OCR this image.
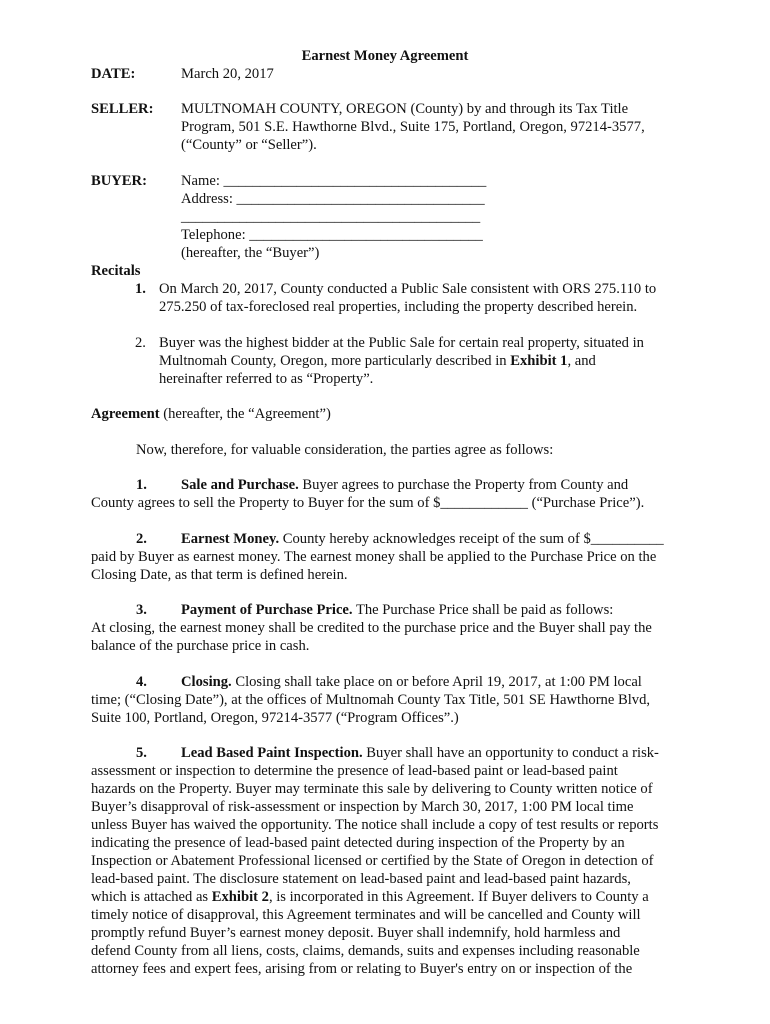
Earnest Money Agreement
DATE:	March 20, 2017
SELLER: MULTNOMAH COUNTY, OREGON (County) by and through its Tax Title
Program, 501 S.E. Hawthorne Blvd., Suite 175, Portland, Oregon, 97214-3577,
(“County” or “Seller”).
BUYER: Name: ____________________________________
Address: __________________________________
_________________________________________
Telephone: ________________________________
(hereafter, the “Buyer”)
Recitals
1. On March 20, 2017, County conducted a Public Sale consistent with ORS 275.110 to
275.250 of tax-foreclosed real properties, including the property described herein.
2. Buyer was the highest bidder at the Public Sale for certain real property, situated in
Multnomah County, Oregon, more particularly described in Exhibit 1, and
hereinafter referred to as “Property”.
Agreement (hereafter, the “Agreement”)
Now, therefore, for valuable consideration, the parties agree as follows:
1. Sale and Purchase. Buyer agrees to purchase the Property from County and
County agrees to sell the Property to Buyer for the sum of $____________ (“Purchase Price”).
2. Earnest Money. County hereby acknowledges receipt of the sum of $__________
paid by Buyer as earnest money. The earnest money shall be applied to the Purchase Price on the
Closing Date, as that term is defined herein.
3. Payment of Purchase Price. The Purchase Price shall be paid as follows:
At closing, the earnest money shall be credited to the purchase price and the Buyer shall pay the
balance of the purchase price in cash.
4. Closing. Closing shall take place on or before April 19, 2017, at 1:00 PM local
time; (“Closing Date”), at the offices of Multnomah County Tax Title, 501 SE Hawthorne Blvd,
Suite 100, Portland, Oregon, 97214-3577 (“Program Offices”.)
5. Lead Based Paint Inspection. Buyer shall have an opportunity to conduct a risk-
assessment or inspection to determine the presence of lead-based paint or lead-based paint
hazards on the Property. Buyer may terminate this sale by delivering to County written notice of
Buyer’s disapproval of risk-assessment or inspection by March 30, 2017, 1:00 PM local time
unless Buyer has waived the opportunity. The notice shall include a copy of test results or reports
indicating the presence of lead-based paint detected during inspection of the Property by an
Inspection or Abatement Professional licensed or certified by the State of Oregon in detection of
lead-based paint. The disclosure statement on lead-based paint and lead-based paint hazards,
which is attached as Exhibit 2, is incorporated in this Agreement. If Buyer delivers to County a
timely notice of disapproval, this Agreement terminates and will be cancelled and County will
promptly refund Buyer’s earnest money deposit. Buyer shall indemnify, hold harmless and
defend County from all liens, costs, claims, demands, suits and expenses including reasonable
attorney fees and expert fees, arising from or relating to Buyer's entry on or inspection of the
